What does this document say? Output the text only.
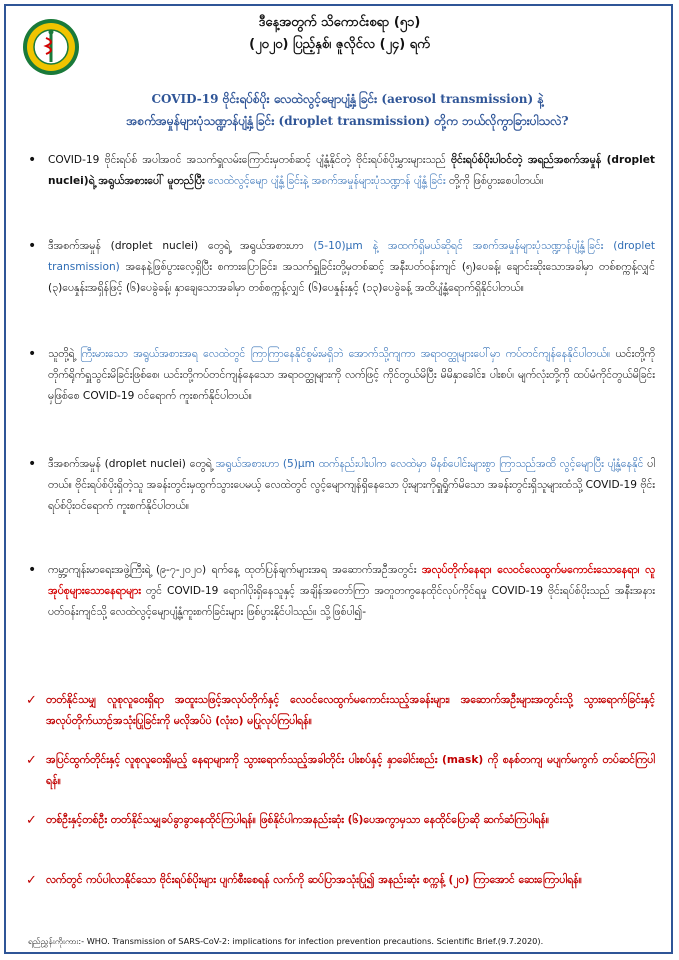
ဒီနေ့အတွက် သိကောင်းစရာ (၅၁)
(၂၀၂၀) ပြည့်နှစ်၊ ဇူလိုင်လ (၂၄) ရက်
COVID-19 ဗိုင်းရပ်စ်ပိုး လေထဲလွင့်မျောပျံ့နှံ့ခြင်း (aerosol transmission) နဲ့
အစက်အမှုန်များပုံသဏ္ဍာန်ပျံ့နှံ့ခြင်း (droplet transmission) တို့က ဘယ်လိုကွာခြားပါသလဲ?
• COVID-19 ဗိုင်းရပ်စ် အပါအဝင် အသက်ရှူလမ်းကြောင်းမှတစ်ဆင့် ပျံ့နှံ့နိုင်တဲ့ ဗိုင်းရပ်စ်ပိုးမွှားများသည် ဗိုင်းရပ်စ်ပိုးပါဝင်တဲ့ အရည်အစက်အမှုန် (droplet nuclei)ရဲ့ အရွယ်အစားပေါ် မူတည်ပြီး လေထဲလွင့်မျော ပျံ့နှံ့ခြင်းနဲ့ အစက်အမှုန်များပုံသဏ္ဍာန် ပျံ့နှံ့ခြင်း တို့ကို ဖြစ်ပွားစေပါတယ်။
• ဒီအစက်အမှုန် (droplet nuclei) တွေရဲ့ အရွယ်အစားဟာ (5-10)µm နဲ့ အထက်ရှိမယ်ဆိုရင် အစက်အမှုန်များပုံသဏ္ဍာန်ပျံ့နှံ့ခြင်း (droplet transmission) အနေနဲ့ဖြစ်ပွားလေ့ရှိပြီး စကားပြောခြင်း၊ အသက်ရှူခြင်းတို့မှတစ်ဆင့် အနီးပတ်ဝန်းကျင် (၅)ပေခန့်၊ ချောင်းဆိုးသောအခါမှာ တစ်စက္ကန့်လျှင် (၃)ပေနှုန်းအရှိန်ဖြင့် (၆)ပေခွဲခန့်၊ နှာချေသောအခါမှာ တစ်စက္ကန့်လျှင် (၆)ပေနှုန်းနှင့် (၁၃)ပေခွဲခန့် အထိပျံ့နှံ့ရောက်ရှိနိုင်ပါတယ်။
• သူတို့ရဲ့ ကြီးမားသော အရွယ်အစားအရ လေထဲတွင် ကြာကြာနေနိုင်စွမ်းမရှိဘဲ အောက်သို့ကျကာ အရာဝတ္ထုများပေါ်မှာ ကပ်တင်ကျန်နေနိုင်ပါတယ်။ ယင်းတို့ကို တိုက်ရိုက်ရှူသွင်းမိခြင်းဖြစ်စေ၊ ယင်းတို့ကပ်တင်ကျန်နေသော အရာဝတ္ထုများကို လက်ဖြင့် ကိုင်တွယ်မိပြီး မိမိနှာခေါင်း၊ ပါးစပ်၊ မျက်လုံးတို့ကို ထပ်မံကိုင်တွယ်မိခြင်းမှဖြစ်စေ COVID-19 ဝင်ရောက် ကူးစက်နိုင်ပါတယ်။
• ဒီအစက်အမှုန် (droplet nuclei) တွေရဲ့ အရွယ်အစားဟာ (5)µm ထက်နည်းပါးပါက လေထဲမှာ မိနစ်ပေါင်းများစွာ ကြာသည်အထိ လွင့်မျောပြီး ပျံ့နှံ့နေနိုင် ပါတယ်။ ဗိုင်းရပ်စ်ပိုးရှိတဲ့သူ အခန်းတွင်းမှထွက်သွားပေမယ့် လေထဲတွင် လွင့်မျောကျန်ရှိနေသော ပိုးများကိုရှူရှိုက်မိသော အခန်းတွင်းရှိသူများထံသို့ COVID-19 ဗိုင်းရပ်စ်ပိုးဝင်ရောက် ကူးစက်နိုင်ပါတယ်။
• ကမ္ဘာ့ကျန်းမာရေးအဖွဲ့ကြီးရဲ့ (၉-၇-၂၀၂၀) ရက်နေ့ ထုတ်ပြန်ချက်များအရ အဆောက်အဦအတွင်း အလုပ်တိုက်နေရာ၊ လေဝင်လေထွက်မကောင်းသောနေရာ၊ လူအုပ်စုများသောနေရာများ တွင် COVID-19 ရောဂါပိုးရှိနေသူနှင့် အချိန်အတော်ကြာ အတူတကွနေထိုင်လုပ်ကိုင်ရမှု COVID-19 ဗိုင်းရပ်စ်ပိုးသည် အနီးအနား ပတ်ဝန်းကျင်သို့ လေထဲလွင့်မျောပျံ့နှံ့ကူးစက်ခြင်းများ ဖြစ်ပွားနိုင်ပါသည်။ သို့ဖြစ်ပါ၍-
✓ တတ်နိုင်သမျှ လူစုလူဝေးရှိရာ အထူးသဖြင့်အလုပ်တိုက်နှင့် လေဝင်လေထွက်မကောင်းသည့်အခန်းများ၊ အဆောက်အဦးများအတွင်းသို့ သွားရောက်ခြင်းနှင့် အလုပ်တိုက်ယာဉ်အသုံးပြုခြင်းကို မလိုအပ်ပဲ (လုံးဝ) မပြုလုပ်ကြပါရန်။
✓ အပြင်ထွက်တိုင်းနှင့် လူစုလူဝေးရှိမည့် နေရာများကို သွားရောက်သည့်အခါတိုင်း ပါးစပ်နှင့် နှာခေါင်းစည်း (mask) ကို စနစ်တကျ မပျက်မကွက် တပ်ဆင်ကြပါရန်။
✓ တစ်ဦးနှင့်တစ်ဦး တတ်နိုင်သမျှခပ်ခွာခွာနေထိုင်ကြပါရန်။ ဖြစ်နိုင်ပါကအနည်းဆုံး (၆)ပေအကွာမှသာ နေထိုင်ပြောဆို ဆက်ဆံကြပါရန်။
✓ လက်တွင် ကပ်ပါလာနိုင်သော ဗိုင်းရပ်စ်ပိုးများ ပျက်စီးစေရန် လက်ကို ဆပ်ပြာအသုံးပြု၍ အနည်းဆုံး စက္ကန့် (၂၀) ကြာအောင် ဆေးကြောပါရန်။
ရည်ညွှန်းကိုးကား:- WHO. Transmission of SARS-CoV-2: implications for infection prevention precautions. Scientific Brief.(9.7.2020).
